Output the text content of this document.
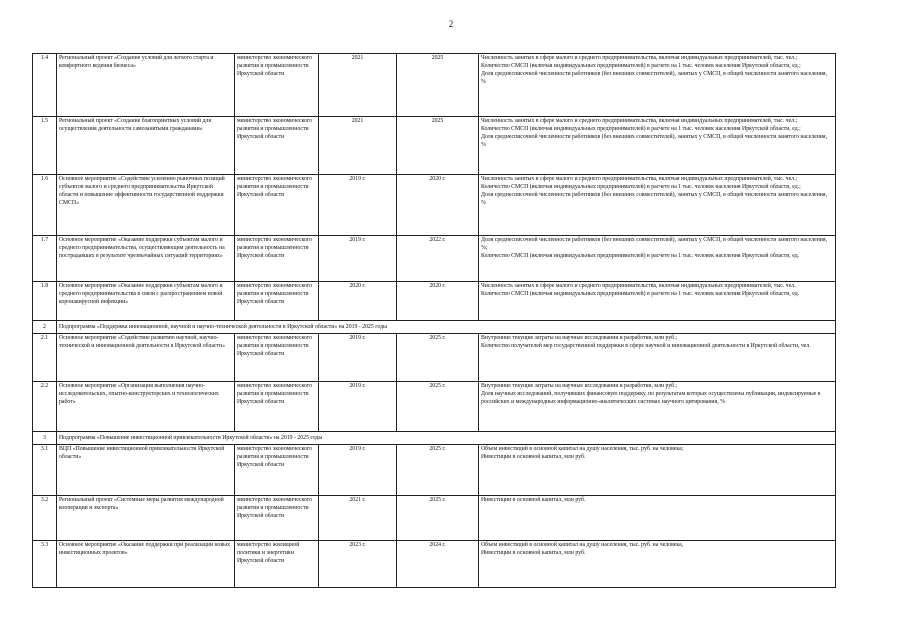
2
1.4	Региональный проект «Создание условий для легкого старта и комфортного ведения бизнеса»	министерство экономического развития и промышленности Иркутской области	2021	2025	Численность занятых в сфере малого и среднего предпринимательства, включая индивидуальных предпринимателей, тыс. чел.;
Количество СМСП (включая индивидуальных предпринимателей) в расчете на 1 тыс. человек населения Иркутской области, ед.;
Доля среднесписочной численности работников (без внешних совместителей), занятых у СМСП, в общей численности занятого населения, %

1.5	Региональный проект «Создание благоприятных условий для осуществления деятельности самозанятыми гражданами»	министерство экономического развития и промышленности Иркутской области	2021	2025	Численность занятых в сфере малого и среднего предпринимательства, включая индивидуальных предпринимателей, тыс. чел.;
Количество СМСП (включая индивидуальных предпринимателей) в расчете на 1 тыс. человек населения Иркутской области, ед.;
Доля среднесписочной численности работников (без внешних совместителей), занятых у СМСП, в общей численности занятого населения, %

1.6	Основное мероприятие «Содействие усилению рыночных позиций субъектов малого и среднего предпринимательства Иркутской области и повышение эффективности государственной поддержки СМСП»	министерство экономического развития и промышленности Иркутской области	2019 г.	2020 г.	Численность занятых в сфере малого и среднего предпринимательства, включая индивидуальных предпринимателей, тыс. чел.;
Количество СМСП (включая индивидуальных предпринимателей) в расчете на 1 тыс. человек населения Иркутской области, ед.;
Доля среднесписочной численности работников (без внешних совместителей), занятых у СМСП, в общей численности занятого населения, %

1.7	Основное мероприятие «Оказание поддержки субъектам малого и среднего предпринимательства, осуществляющим деятельность на пострадавших в результате чрезвычайных ситуаций территориях»	министерство экономического развития и промышленности Иркутской области	2019 г.	2022 г.	Доля среднесписочной численности работников (без внешних совместителей), занятых у СМСП, в общей численности занятого населения, %;
Количество СМСП (включая индивидуальных предпринимателей) в расчете на 1 тыс. человек населения Иркутской области, ед.

1.8	Основное мероприятие «Оказание поддержки субъектам малого и среднего предпринимательства в связи с распространением новой коронавирусной инфекции»	министерство экономического развития и промышленности Иркутской области	2020 г.	2020 г.	Численность занятых в сфере малого и среднего предпринимательства, включая индивидуальных предпринимателей, тыс. чел.
Количество СМСП (включая индивидуальных предпринимателей) в расчете на 1 тыс. человек населения Иркутской области, ед.

2	Подпрограмма «Поддержка инновационной, научной и научно-технической деятельности в Иркутской области» на 2019 - 2025 годы				
2.1	Основное мероприятие «Содействие развитию научной, научно-технической и инновационной деятельности в Иркутской области»	министерство экономического развития и промышленности Иркутской области	2019 г.	2025 г.	Внутренние текущие затраты на научные исследования и разработки, млн руб.;
Количество получателей мер государственной поддержки в сфере научной и инновационной деятельности в Иркутской области, чел.

2.2	Основное мероприятие «Организация выполнения научно-исследовательских, опытно-конструкторских и технологических работ»	министерство экономического развития и промышленности Иркутской области	2019 г.	2025 г.	Внутренние текущие затраты на научные исследования и разработки, млн руб.;
Доля научных исследований, получивших финансовую поддержку, по результатам которых осуществлены публикации, индексируемые в российских и международных информационно-аналитических системах научного цитирования, %

3	Подпрограмма «Повышение инвестиционной привлекательности Иркутской области» на 2019 - 2025 годы				
3.1	ВЦП «Повышение инвестиционной привлекательности Иркутской области»	министерство экономического развития и промышленности Иркутской области	2019 г.	2025 г.	Объем инвестиций в основной капитал на душу населения, тыс. руб. на человека;
Инвестиции в основной капитал, млн руб.

3.2	Региональный проект «Системные меры развития международной кооперации и экспорта»	министерство экономического развития и промышленности Иркутской области	2021 г.	2025 г.	Инвестиции в основной капитал, млн руб.

3.3	Основное мероприятие «Оказание поддержки при реализации новых инвестиционных проектов»	министерство жилищной политики и энергетики Иркутской области	2023 г.	2024 г.	Объем инвестиций в основной капитал на душу населения, тыс. руб. на человека,
Инвестиции в основной капитал, млн руб.
